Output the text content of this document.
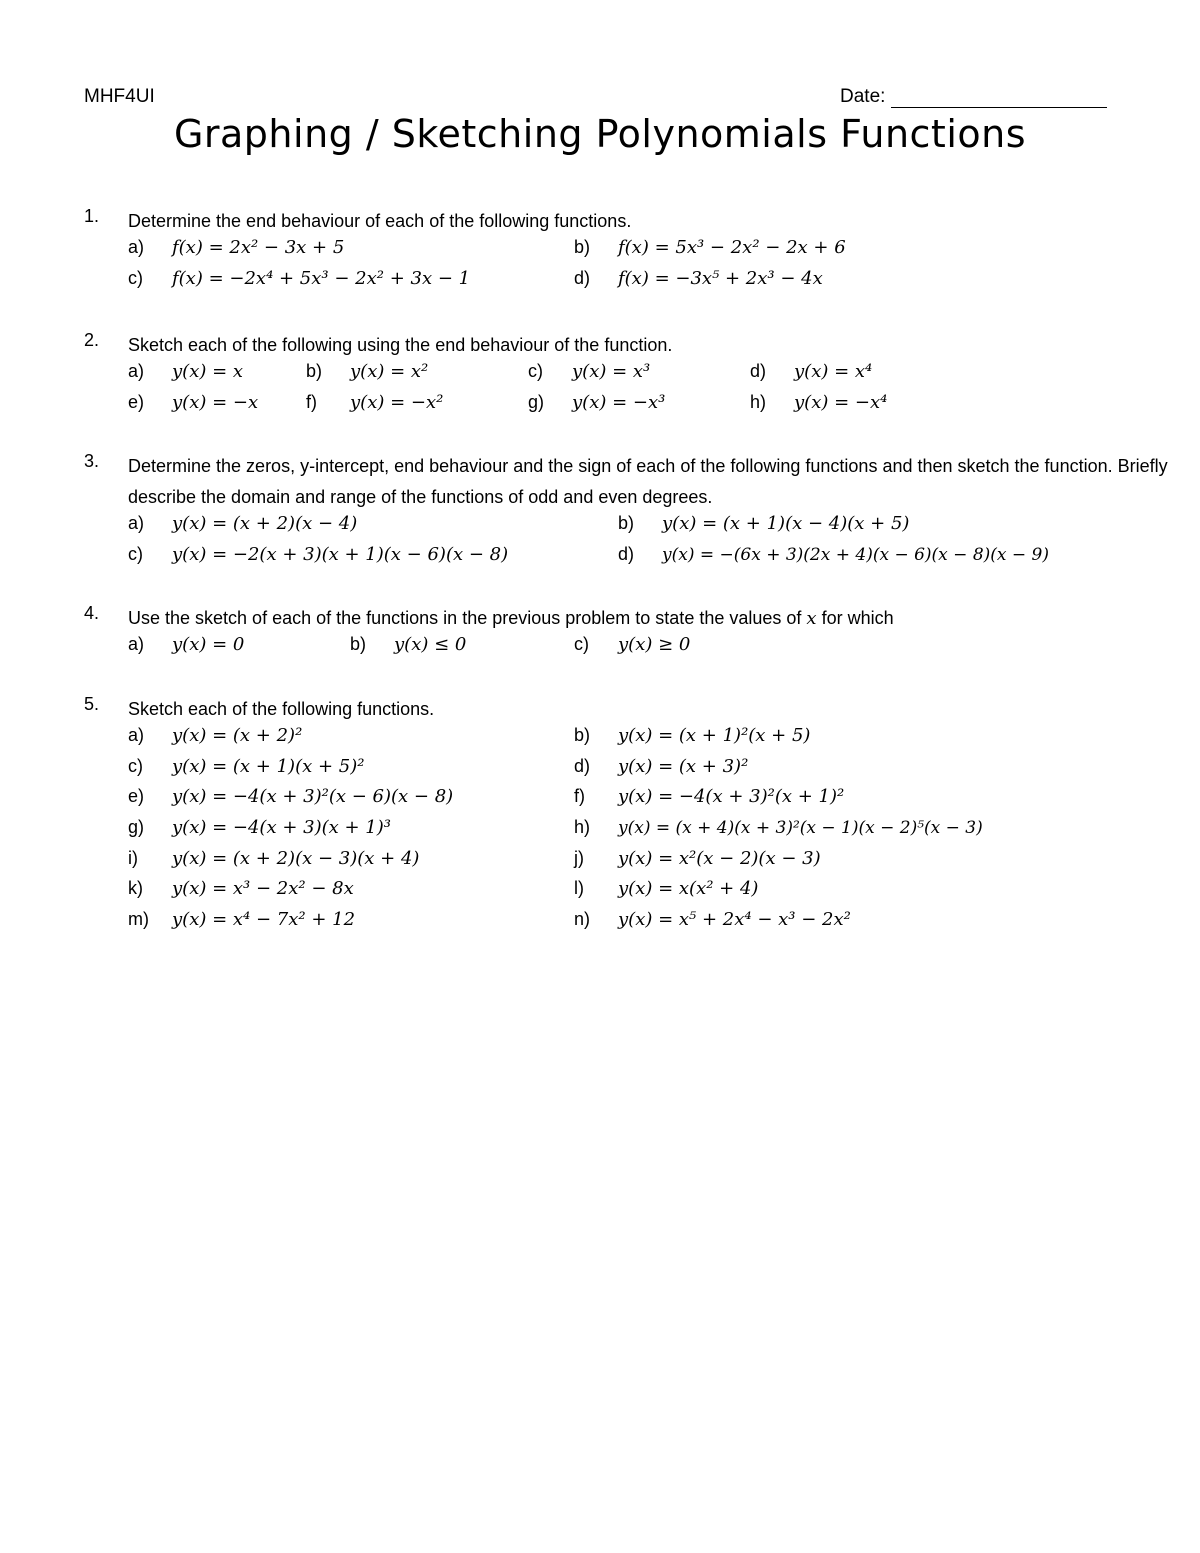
MHF4UI	Date:
Graphing / Sketching Polynomials Functions
1. Determine the end behaviour of each of the following functions.
a) 𝑓(𝑥) = 2𝑥² − 3𝑥 + 5	b) 𝑓(𝑥) = 5𝑥³ − 2𝑥² − 2𝑥 + 6
c) 𝑓(𝑥) = −2𝑥⁴ + 5𝑥³ − 2𝑥² + 3𝑥 − 1	d) 𝑓(𝑥) = −3𝑥⁵ + 2𝑥³ − 4𝑥
2. Sketch each of the following using the end behaviour of the function.
a) 𝑦(𝑥) = 𝑥	b) 𝑦(𝑥) = 𝑥²	c) 𝑦(𝑥) = 𝑥³	d) 𝑦(𝑥) = 𝑥⁴
e) 𝑦(𝑥) = −𝑥	f) 𝑦(𝑥) = −𝑥²	g) 𝑦(𝑥) = −𝑥³	h) 𝑦(𝑥) = −𝑥⁴
3. Determine the zeros, y-intercept, end behaviour and the sign of each of the following functions and then sketch the function. Briefly describe the domain and range of the functions of odd and even degrees.
a) 𝑦(𝑥) = (𝑥 + 2)(𝑥 − 4)	b) 𝑦(𝑥) = (𝑥 + 1)(𝑥 − 4)(𝑥 + 5)
c) 𝑦(𝑥) = −2(𝑥 + 3)(𝑥 + 1)(𝑥 − 6)(𝑥 − 8)	d) 𝑦(𝑥) = −(6𝑥 + 3)(2𝑥 + 4)(𝑥 − 6)(𝑥 − 8)(𝑥 − 9)
4. Use the sketch of each of the functions in the previous problem to state the values of 𝑥 for which
a) 𝑦(𝑥) = 0	b) 𝑦(𝑥) ≤ 0	c) 𝑦(𝑥) ≥ 0
5. Sketch each of the following functions.
a) 𝑦(𝑥) = (𝑥 + 2)²	b) 𝑦(𝑥) = (𝑥 + 1)²(𝑥 + 5)
c) 𝑦(𝑥) = (𝑥 + 1)(𝑥 + 5)²	d) 𝑦(𝑥) = (𝑥 + 3)²
e) 𝑦(𝑥) = −4(𝑥 + 3)²(𝑥 − 6)(𝑥 − 8)	f) 𝑦(𝑥) = −4(𝑥 + 3)²(𝑥 + 1)²
g) 𝑦(𝑥) = −4(𝑥 + 3)(𝑥 + 1)³	h) 𝑦(𝑥) = (𝑥 + 4)(𝑥 + 3)²(𝑥 − 1)(𝑥 − 2)⁵(𝑥 − 3)
i) 𝑦(𝑥) = (𝑥 + 2)(𝑥 − 3)(𝑥 + 4)	j) 𝑦(𝑥) = 𝑥²(𝑥 − 2)(𝑥 − 3)
k) 𝑦(𝑥) = 𝑥³ − 2𝑥² − 8𝑥	l) 𝑦(𝑥) = 𝑥(𝑥² + 4)
m) 𝑦(𝑥) = 𝑥⁴ − 7𝑥² + 12	n) 𝑦(𝑥) = 𝑥⁵ + 2𝑥⁴ − 𝑥³ − 2𝑥²
